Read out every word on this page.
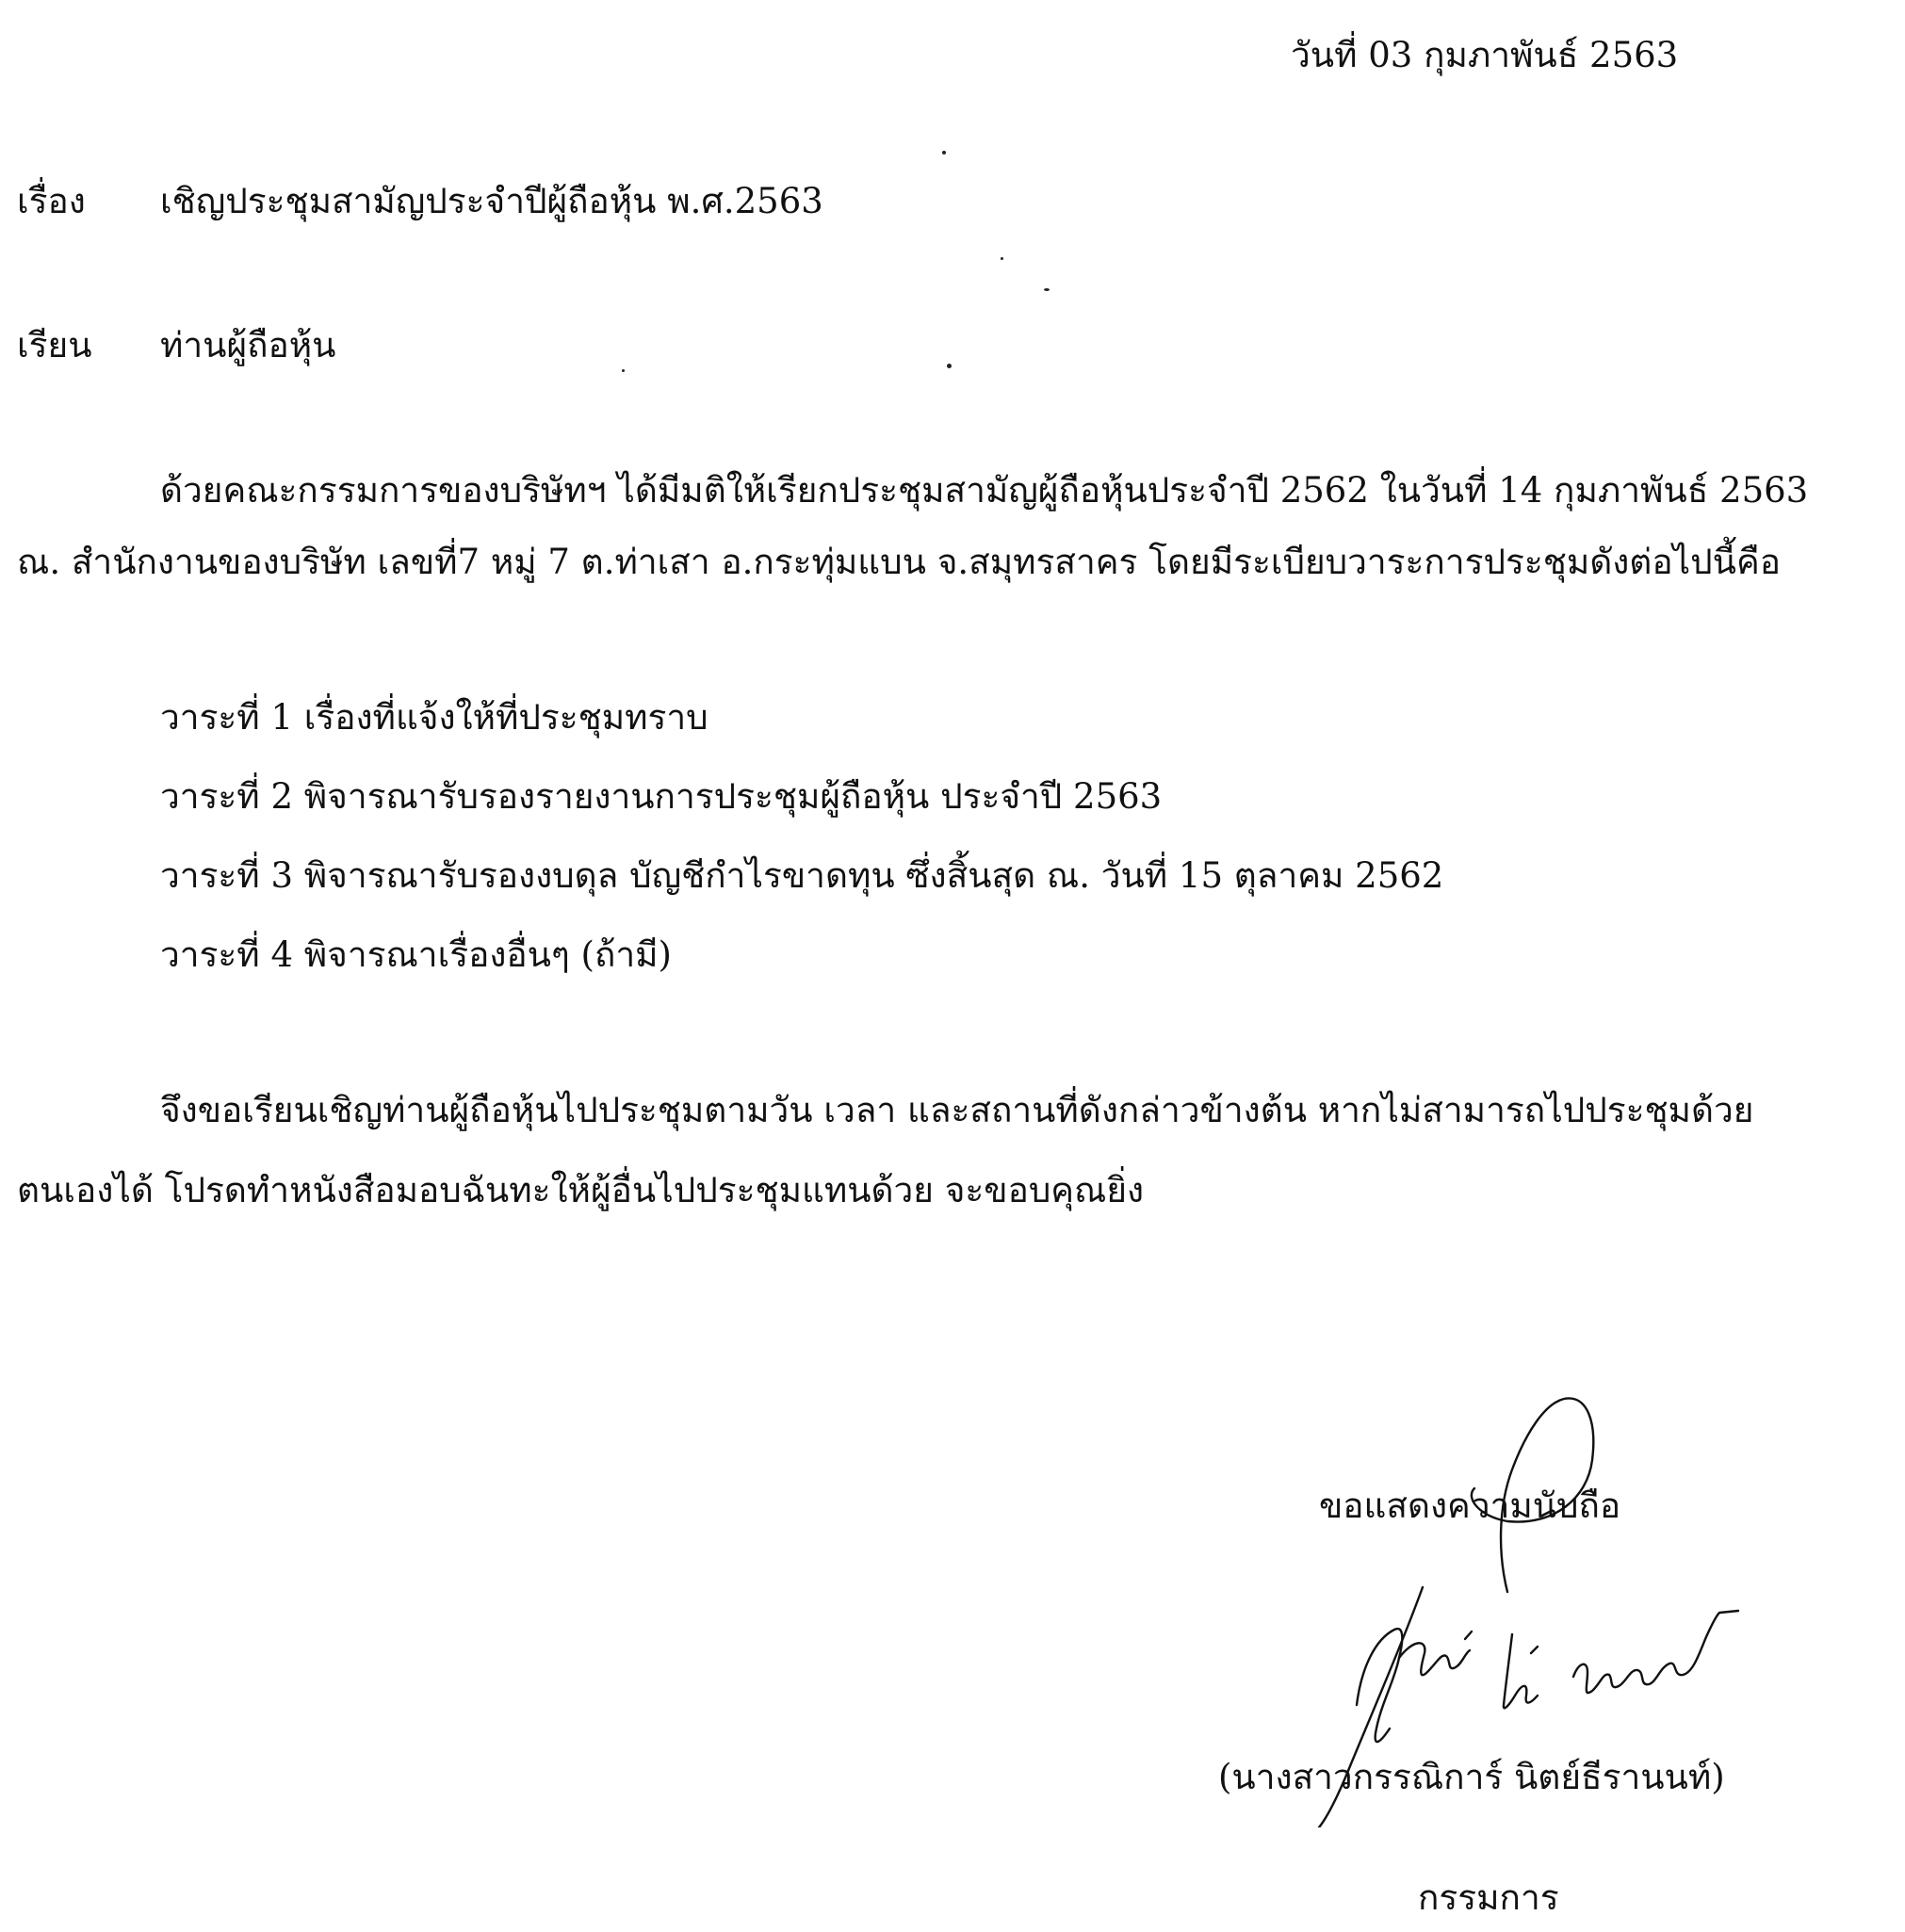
วันที่ 03 กุมภาพันธ์ 2563
เรื่อง เชิญประชุมสามัญประจำปีผู้ถือหุ้น พ.ศ.2563
เรียน ท่านผู้ถือหุ้น
ด้วยคณะกรรมการของบริษัทฯ ได้มีมติให้เรียกประชุมสามัญผู้ถือหุ้นประจำปี 2562 ในวันที่ 14 กุมภาพันธ์ 2563
ณ. สำนักงานของบริษัท เลขที่7 หมู่ 7 ต.ท่าเสา อ.กระทุ่มแบน จ.สมุทรสาคร โดยมีระเบียบวาระการประชุมดังต่อไปนี้คือ
วาระที่ 1 เรื่องที่แจ้งให้ที่ประชุมทราบ
วาระที่ 2 พิจารณารับรองรายงานการประชุมผู้ถือหุ้น ประจำปี 2563
วาระที่ 3 พิจารณารับรองงบดุล บัญชีกำไรขาดทุน ซึ่งสิ้นสุด ณ. วันที่ 15 ตุลาคม 2562
วาระที่ 4 พิจารณาเรื่องอื่นๆ (ถ้ามี)
จึงขอเรียนเชิญท่านผู้ถือหุ้นไปประชุมตามวัน เวลา และสถานที่ดังกล่าวข้างต้น หากไม่สามารถไปประชุมด้วย
ตนเองได้ โปรดทำหนังสือมอบฉันทะให้ผู้อื่นไปประชุมแทนด้วย จะขอบคุณยิ่ง
ขอแสดงความนับถือ
(นางสาวกรรณิการ์ นิตย์ธีรานนท์)
กรรมการ
